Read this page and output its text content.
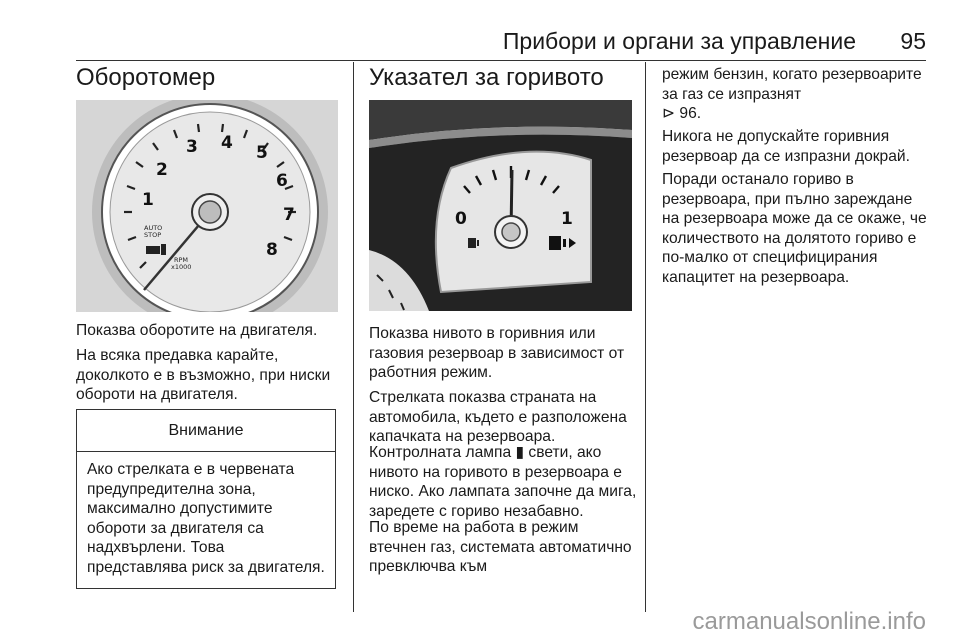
Прибори и органи за управление 95
Оборотомер
1
2
3 4 5
6
7
8
AUTO
STOP
RPM
x1000

Показва оборотите на двигателя.

На всяка предавка карайте, доколкото е в възможно, при ниски обороти на двигателя.

Внимание
Ако стрелката е в червената предупредителна зона, максимално допустимите обороти за двигателя са надхвърлени. Това представлява риск за двигателя.
Указател за горивото
0	1

Показва нивото в горивния или газовия резервоар в зависимост от работния режим.

Стрелката показва страната на автомобила, където е разположена капачката на резервоара.

Контролната лампа ▮ свети, ако нивото на горивото в резервоара е ниско. Ако лампата започне да мига, заредете с гориво незабавно.

По време на работа в режим втечнен газ, системата автоматично превключва към

режим бензин, когато резервоарите за газ се изпразнят
⊳ 96.

Никога не допускайте горивния резервоар да се изпразни докрай.

Поради останало гориво в резервоара, при пълно зареждане на резервоара може да се окаже, че количеството на долятото гориво е по-малко от специфицирания капацитет на резервоара.

carmanualsonline.info
